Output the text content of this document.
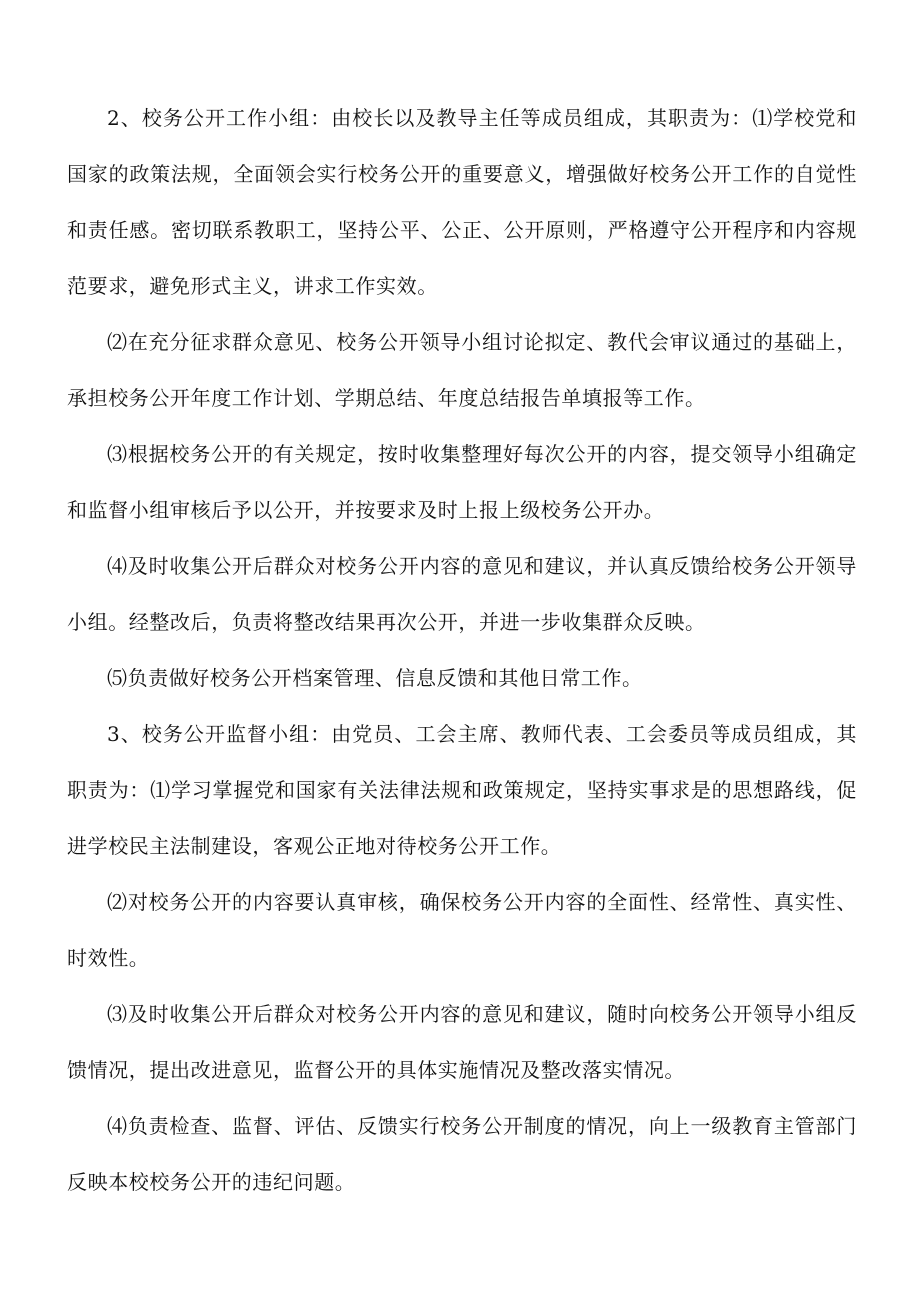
2、校务公开工作小组：由校长以及教导主任等成员组成，其职责为：⑴学校党和国家的政策法规，全面领会实行校务公开的重要意义，增强做好校务公开工作的自觉性和责任感。密切联系教职工，坚持公平、公正、公开原则，严格遵守公开程序和内容规范要求，避免形式主义，讲求工作实效。

⑵在充分征求群众意见、校务公开领导小组讨论拟定、教代会审议通过的基础上，承担校务公开年度工作计划、学期总结、年度总结报告单填报等工作。

⑶根据校务公开的有关规定，按时收集整理好每次公开的内容，提交领导小组确定和监督小组审核后予以公开，并按要求及时上报上级校务公开办。

⑷及时收集公开后群众对校务公开内容的意见和建议，并认真反馈给校务公开领导小组。经整改后，负责将整改结果再次公开，并进一步收集群众反映。

⑸负责做好校务公开档案管理、信息反馈和其他日常工作。

3、校务公开监督小组：由党员、工会主席、教师代表、工会委员等成员组成，其职责为：⑴学习掌握党和国家有关法律法规和政策规定，坚持实事求是的思想路线，促进学校民主法制建设，客观公正地对待校务公开工作。

⑵对校务公开的内容要认真审核，确保校务公开内容的全面性、经常性、真实性、时效性。

⑶及时收集公开后群众对校务公开内容的意见和建议，随时向校务公开领导小组反馈情况，提出改进意见，监督公开的具体实施情况及整改落实情况。

⑷负责检查、监督、评估、反馈实行校务公开制度的情况，向上一级教育主管部门反映本校校务公开的违纪问题。
